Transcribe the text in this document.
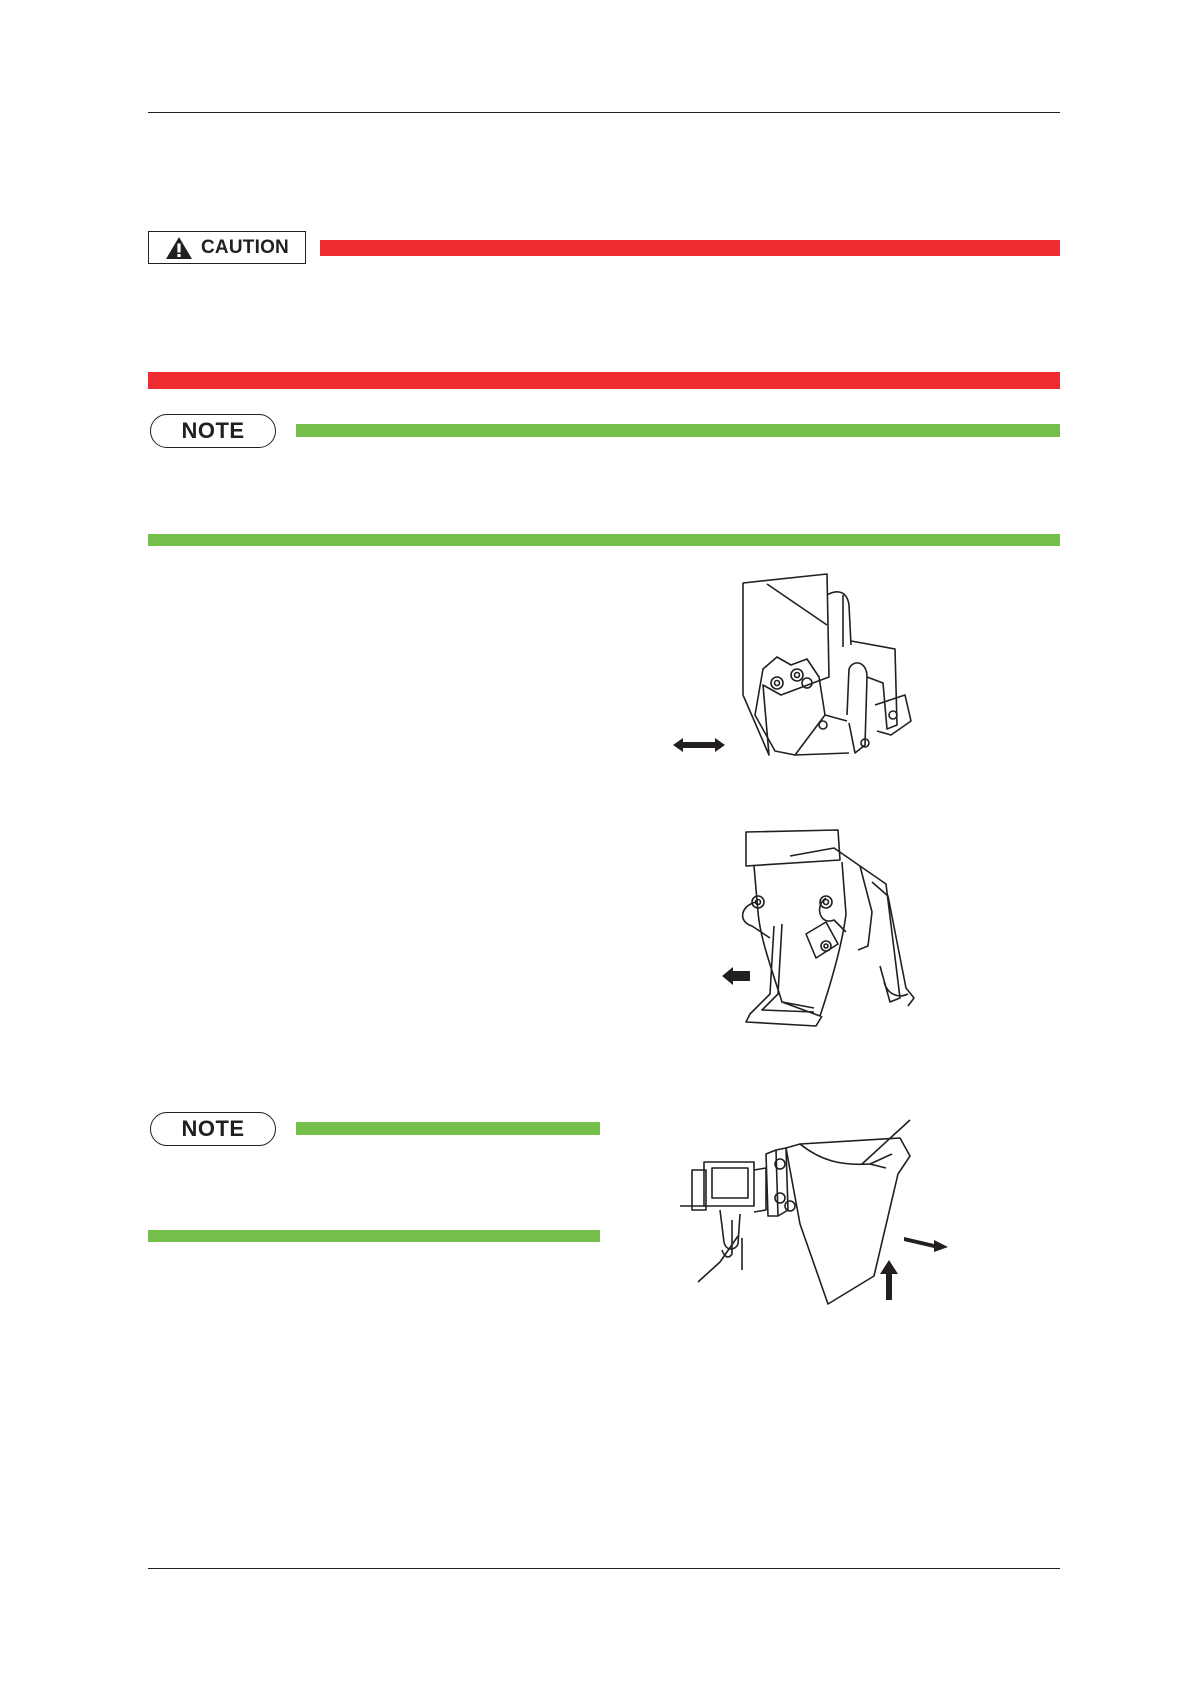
CAUTION
NOTE
NOTE
